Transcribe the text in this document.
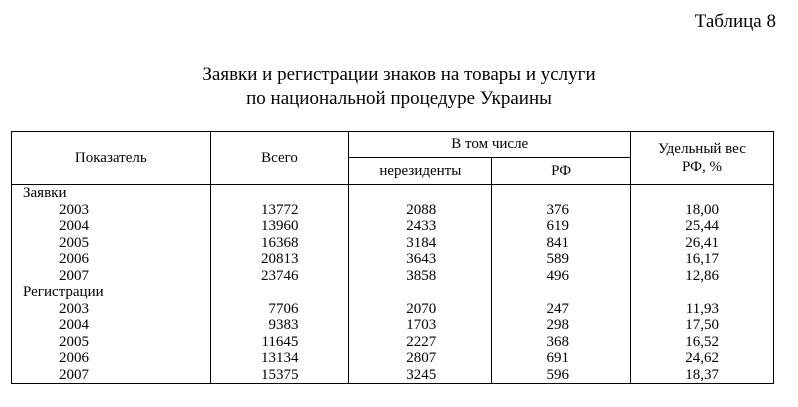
Таблица 8
Заявки и регистрации знаков на товары и услуги
по национальной процедуре Украины
Показатель	Всего	В том числе		Удельный вес РФ, %
		нерезиденты	РФ	
Заявки				
2003	13772	2088	376	18,00
2004	13960	2433	619	25,44
2005	16368	3184	841	26,41
2006	20813	3643	589	16,17
2007	23746	3858	496	12,86
Регистрации				
2003	7706	2070	247	11,93
2004	9383	1703	298	17,50
2005	11645	2227	368	16,52
2006	13134	2807	691	24,62
2007	15375	3245	596	18,37
